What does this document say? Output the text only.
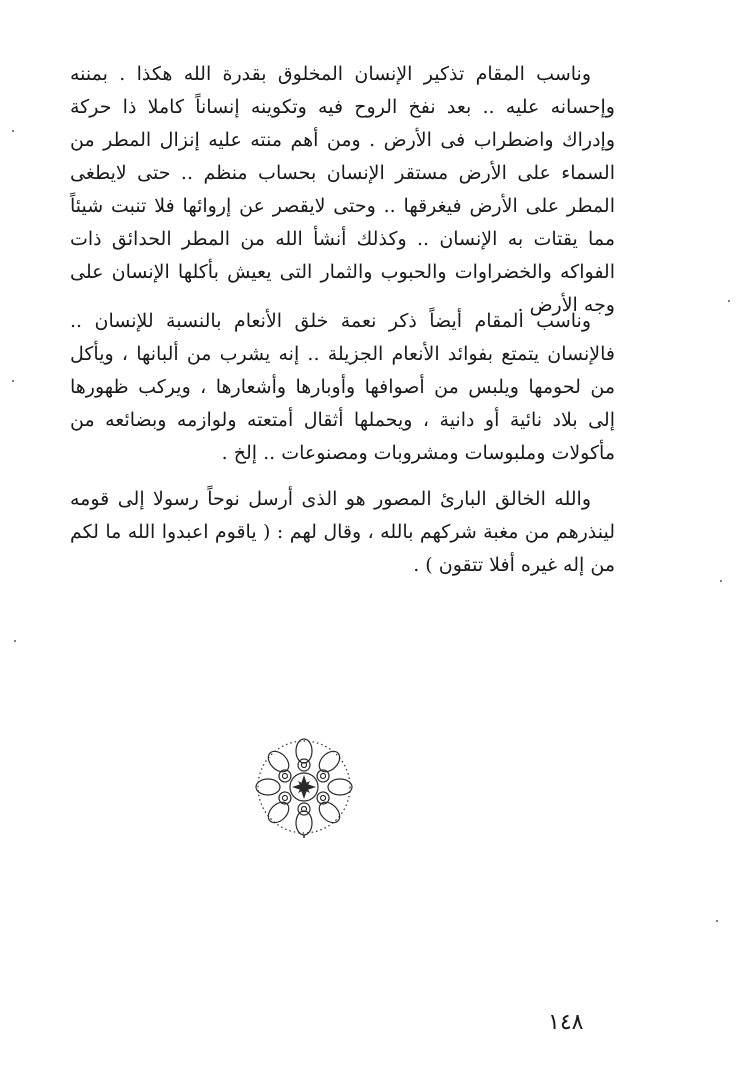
وناسب المقام تذكير الإنسان المخلوق بقدرة الله هكذا . بمننه وإحسانه عليه .. بعد نفخ الروح فيه وتكوينه إنساناً كاملا ذا حركة وإدراك واضطراب فى الأرض . ومن أهم منته عليه إنزال المطر من السماء على الأرض مستقر الإنسان بحساب منظم .. حتى لايطغى المطر على الأرض فيغرقها .. وحتى لايقصر عن إروائها فلا تنبت شيئاً مما يقتات به الإنسان .. وكذلك أنشأ الله من المطر الحدائق ذات الفواكه والخضراوات والحبوب والثمار التى يعيش بأكلها الإنسان على وجه الأرض .

وناسب المقام أيضاً ذكر نعمة خلق الأنعام بالنسبة للإنسان .. فالإنسان يتمتع بفوائد الأنعام الجزيلة .. إنه يشرب من ألبانها ، ويأكل من لحومها ويلبس من أصوافها وأوبارها وأشعارها ، ويركب ظهورها إلى بلاد نائية أو دانية ، ويحملها أثقال أمتعته ولوازمه وبضائعه من مأكولات وملبوسات ومشروبات ومصنوعات .. إلخ .

والله الخالق البارئ المصور هو الذى أرسل نوحاً رسولا إلى قومه لينذرهم من مغبة شركهم بالله ، وقال لهم : ( ياقوم اعبدوا الله ما لكم من إله غيره أفلا تتقون ) .

١٤٨
